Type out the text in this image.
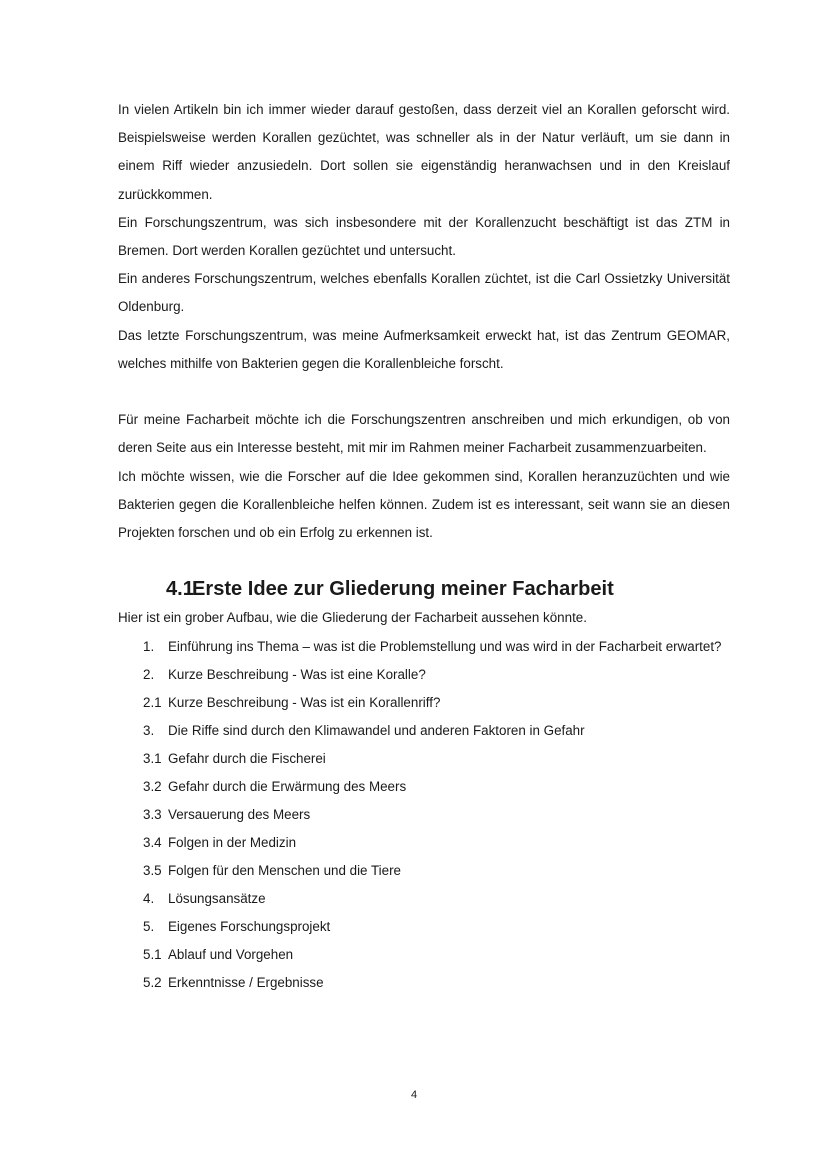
In vielen Artikeln bin ich immer wieder darauf gestoßen, dass derzeit viel an Korallen geforscht wird. Beispielsweise werden Korallen gezüchtet, was schneller als in der Natur verläuft, um sie dann in einem Riff wieder anzusiedeln. Dort sollen sie eigenständig heranwachsen und in den Kreislauf zurückkommen.

Ein Forschungszentrum, was sich insbesondere mit der Korallenzucht beschäftigt ist das ZTM in Bremen. Dort werden Korallen gezüchtet und untersucht.

Ein anderes Forschungszentrum, welches ebenfalls Korallen züchtet, ist die Carl Ossietzky Universität Oldenburg.

Das letzte Forschungszentrum, was meine Aufmerksamkeit erweckt hat, ist das Zentrum GEOMAR, welches mithilfe von Bakterien gegen die Korallenbleiche forscht.

Für meine Facharbeit möchte ich die Forschungszentren anschreiben und mich erkundigen, ob von deren Seite aus ein Interesse besteht, mit mir im Rahmen meiner Facharbeit zusammenzuarbeiten.

Ich möchte wissen, wie die Forscher auf die Idee gekommen sind, Korallen heranzuzüchten und wie Bakterien gegen die Korallenbleiche helfen können. Zudem ist es interessant, seit wann sie an diesen Projekten forschen und ob ein Erfolg zu erkennen ist.

4.1Erste Idee zur Gliederung meiner Facharbeit

Hier ist ein grober Aufbau, wie die Gliederung der Facharbeit aussehen könnte.

1. Einführung ins Thema – was ist die Problemstellung und was wird in der Facharbeit erwartet?
2. Kurze Beschreibung - Was ist eine Koralle?
2.1 Kurze Beschreibung - Was ist ein Korallenriff?
3. Die Riffe sind durch den Klimawandel und anderen Faktoren in Gefahr
3.1 Gefahr durch die Fischerei
3.2 Gefahr durch die Erwärmung des Meers
3.3 Versauerung des Meers
3.4 Folgen in der Medizin
3.5 Folgen für den Menschen und die Tiere
4. Lösungsansätze
5. Eigenes Forschungsprojekt
5.1 Ablauf und Vorgehen
5.2 Erkenntnisse / Ergebnisse
4
